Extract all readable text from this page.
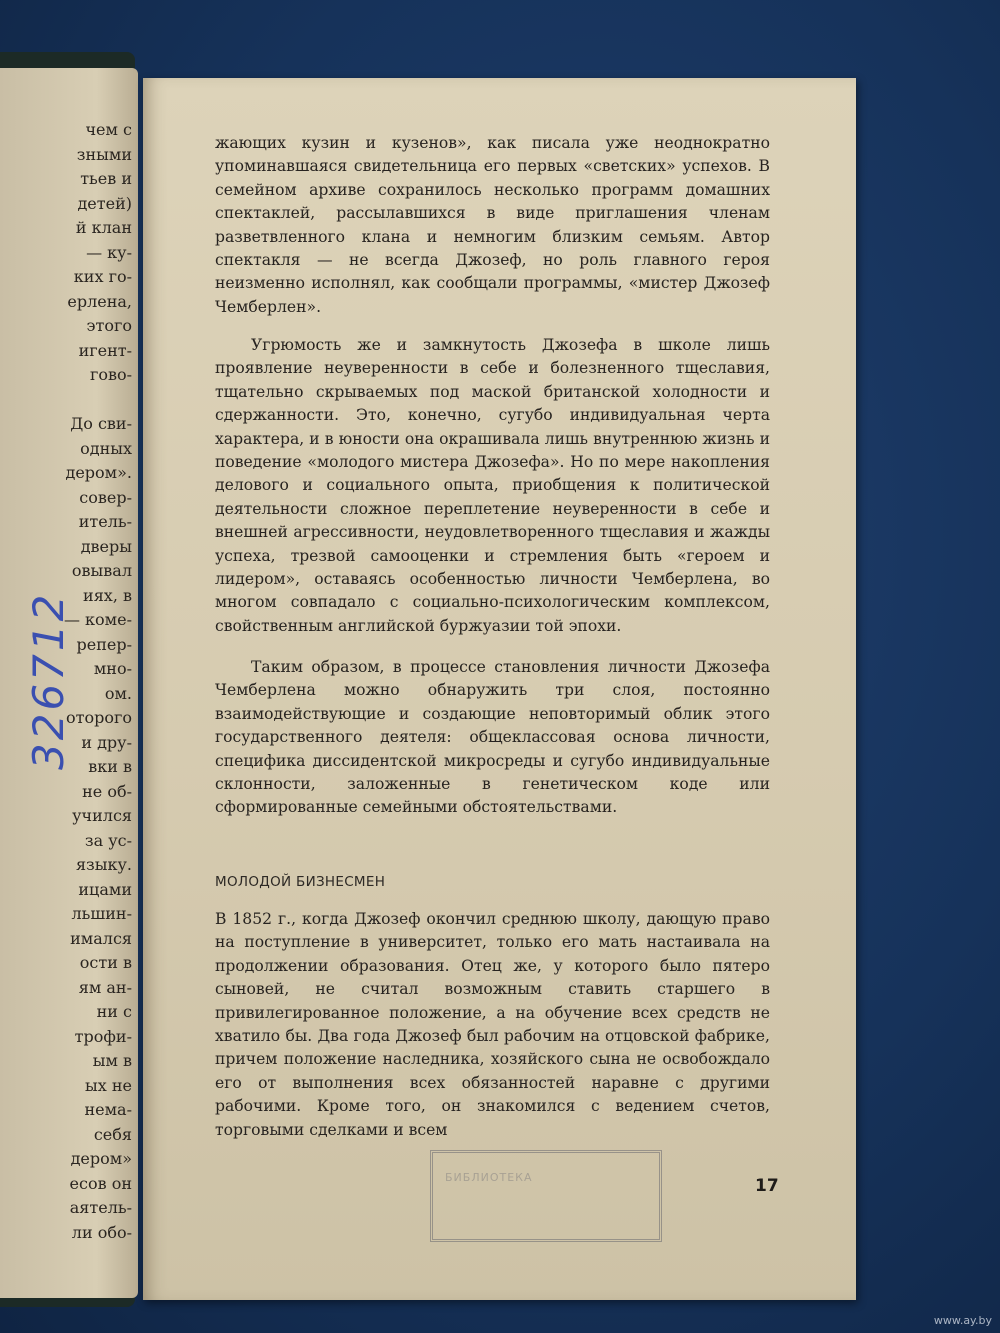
чем с
зными
тьев и
детей)
й клан
— ку-
ких го-
ерлена,
этого
игент-
гово-
До сви-
одных
дером».
совер-
итель-
дверы
овывал
иях, в
— коме-
репер-
мно-
ом.
оторого
и дру-
вки в
не об-
учился
за ус-
языку.
ицами
льшин-
имался
ости в
ям ан-
ни с
трофи-
ым в
ых не
нема-
себя
дером»
есов он
аятель-
ли обо-
жающих кузин и кузенов», как писала уже неоднократно упоминавшаяся свидетельница его первых «светских» успехов. В семейном архиве сохранилось несколько программ домашних спектаклей, рассылавшихся в виде приглашения членам разветвленного клана и немногим близким семьям. Автор спектакля — не всегда Джозеф, но роль главного героя неизменно исполнял, как сообщали программы, «мистер Джозеф Чемберлен».
Угрюмость же и замкнутость Джозефа в школе лишь проявление неуверенности в себе и болезненного тщеславия, тщательно скрываемых под маской британской холодности и сдержанности. Это, конечно, сугубо индивидуальная черта характера, и в юности она окрашивала лишь внутреннюю жизнь и поведение «молодого мистера Джозефа». Но по мере накопления делового и социального опыта, приобщения к политической деятельности сложное переплетение неуверенности в себе и внешней агрессивности, неудовлетворенного тщеславия и жажды успеха, трезвой самооценки и стремления быть «героем и лидером», оставаясь особенностью личности Чемберлена, во многом совпадало с социально-психологическим комплексом, свойственным английской буржуазии той эпохи.
Таким образом, в процессе становления личности Джозефа Чемберлена можно обнаружить три слоя, постоянно взаимодействующие и создающие неповторимый облик этого государственного деятеля: общеклассовая основа личности, специфика диссидентской микросреды и сугубо индивидуальные склонности, заложенные в генетическом коде или сформированные семейными обстоятельствами.
МОЛОДОЙ БИЗНЕСМЕН
В 1852 г., когда Джозеф окончил среднюю школу, дающую право на поступление в университет, только его мать настаивала на продолжении образования. Отец же, у которого было пятеро сыновей, не считал возможным ставить старшего в привилегированное положение, а на обучение всех средств не хватило бы. Два года Джозеф был рабочим на отцовской фабрике, причем положение наследника, хозяйского сына не освобождало его от выполнения всех обязанностей наравне с другими рабочими. Кроме того, он знакомился с ведением счетов, торговыми сделками и всем
БИБЛИОТЕКА	17
326712
www.ay.by
